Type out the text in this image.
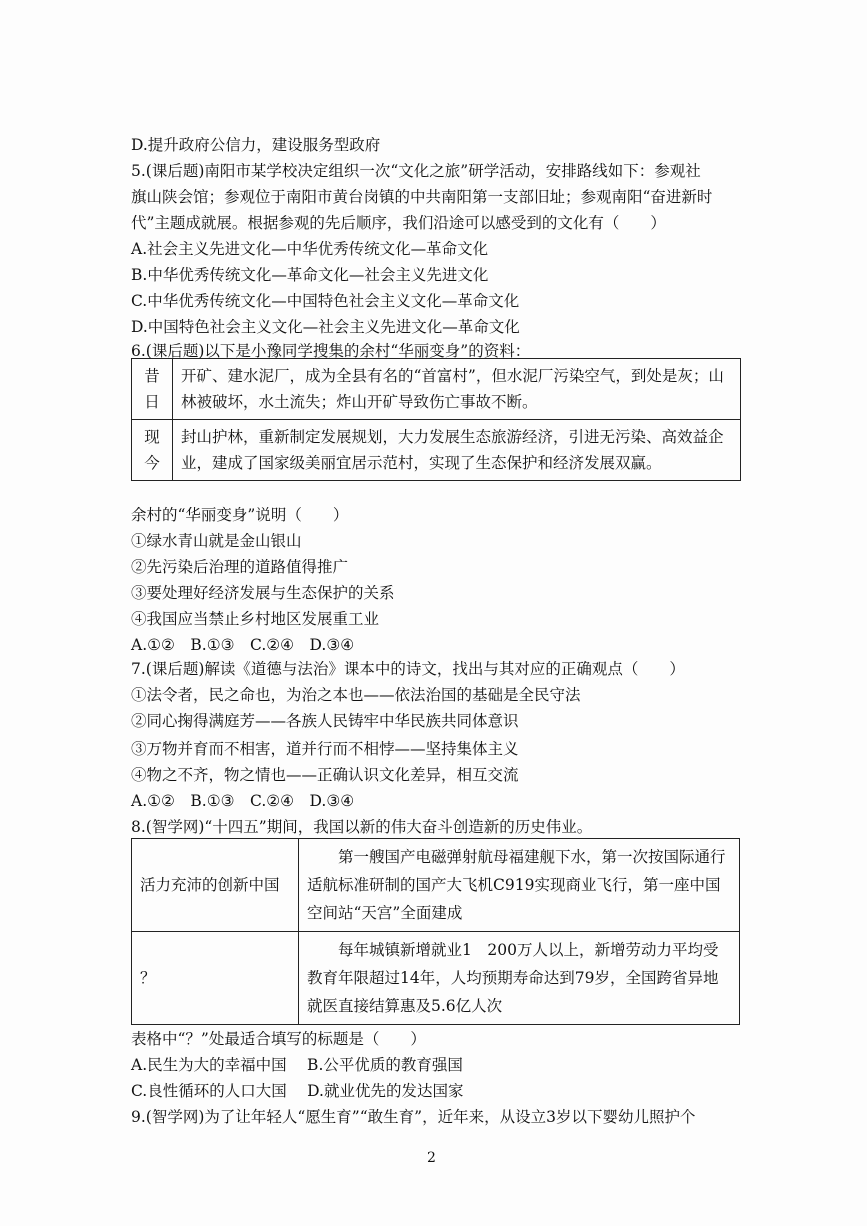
D.提升政府公信力，建设服务型政府
5.(课后题)南阳市某学校决定组织一次“文化之旅”研学活动，安排路线如下：参观社
旗山陕会馆；参观位于南阳市黄台岗镇的中共南阳第一支部旧址；参观南阳“奋进新时
代”主题成就展。根据参观的先后顺序，我们沿途可以感受到的文化有（　　）
A.社会主义先进文化—中华优秀传统文化—革命文化
B.中华优秀传统文化—革命文化—社会主义先进文化
C.中华优秀传统文化—中国特色社会主义文化—革命文化
D.中国特色社会主义文化—社会主义先进文化—革命文化
6.(课后题)以下是小豫同学搜集的余村“华丽变身”的资料：
昔日	开矿、建水泥厂，成为全县有名的“首富村”，但水泥厂污染空气，到处是灰；山林被破坏，水土流失；炸山开矿导致伤亡事故不断。
现今	封山护林，重新制定发展规划，大力发展生态旅游经济，引进无污染、高效益企业，建成了国家级美丽宜居示范村，实现了生态保护和经济发展双赢。
余村的“华丽变身”说明（　　）
①绿水青山就是金山银山
②先污染后治理的道路值得推广
③要处理好经济发展与生态保护的关系
④我国应当禁止乡村地区发展重工业
A.①②　B.①③　C.②④　D.③④
7.(课后题)解读《道德与法治》课本中的诗文，找出与其对应的正确观点（　　）
①法令者，民之命也，为治之本也——依法治国的基础是全民守法
②同心掬得满庭芳——各族人民铸牢中华民族共同体意识
③万物并育而不相害，道并行而不相悖——坚持集体主义
④物之不齐，物之情也——正确认识文化差异，相互交流
A.①②　B.①③　C.②④　D.③④
8.(智学网)“十四五”期间，我国以新的伟大奋斗创造新的历史伟业。
活力充沛的创新中国	第一艘国产电磁弹射航母福建舰下水，第一次按国际通行适航标准研制的国产大飞机C919实现商业飞行，第一座中国空间站“天宫”全面建成
？	每年城镇新增就业1　200万人以上，新增劳动力平均受教育年限超过14年，人均预期寿命达到79岁，全国跨省异地就医直接结算惠及5.6亿人次
表格中“？”处最适合填写的标题是（　　）
A.民生为大的幸福中国　 B.公平优质的教育强国
C.良性循环的人口大国　 D.就业优先的发达国家
9.(智学网)为了让年轻人“愿生育”“敢生育”，近年来，从设立3岁以下婴幼儿照护个
2
